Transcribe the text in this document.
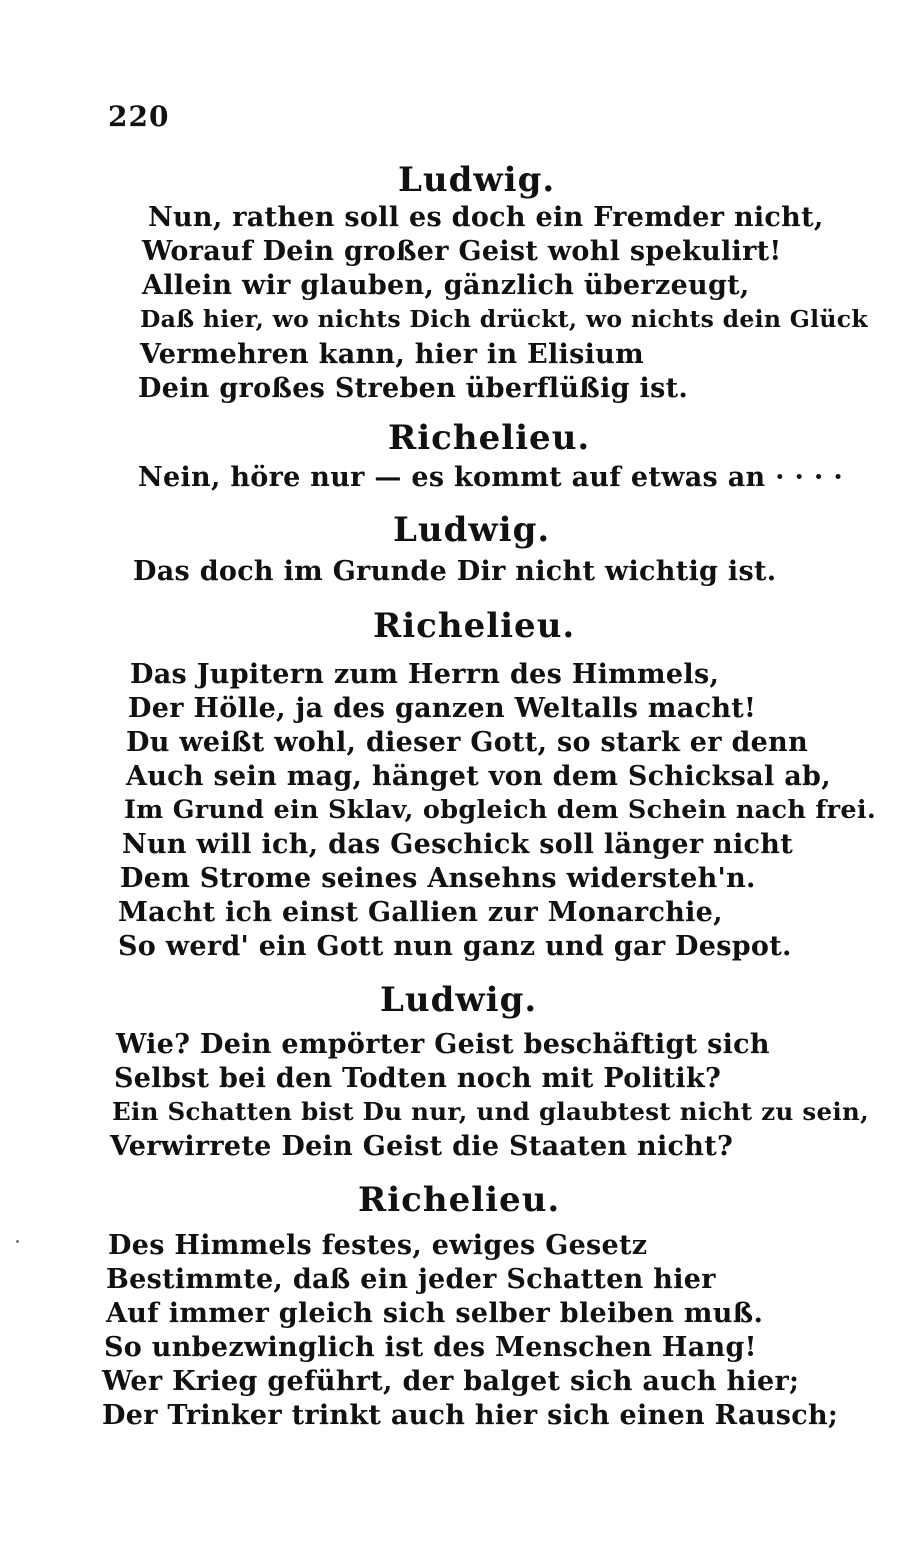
220
Ludwig.
Nun, rathen soll es doch ein Fremder nicht,
Worauf Dein großer Geist wohl spekulirt!
Allein wir glauben, gänzlich überzeugt,
Daß hier, wo nichts Dich drückt, wo nichts dein Glück
Vermehren kann, hier in Elisium
Dein großes Streben überflüßig ist.
Richelieu.
Nein, höre nur — es kommt auf etwas an · · · ·
Ludwig.
Das doch im Grunde Dir nicht wichtig ist.
Richelieu.
Das Jupitern zum Herrn des Himmels,
Der Hölle, ja des ganzen Weltalls macht!
Du weißt wohl, dieser Gott, so stark er denn
Auch sein mag, hänget von dem Schicksal ab,
Im Grund ein Sklav, obgleich dem Schein nach frei.
Nun will ich, das Geschick soll länger nicht
Dem Strome seines Ansehns widersteh'n.
Macht ich einst Gallien zur Monarchie,
So werd' ein Gott nun ganz und gar Despot.
Ludwig.
Wie? Dein empörter Geist beschäftigt sich
Selbst bei den Todten noch mit Politik?
Ein Schatten bist Du nur, und glaubtest nicht zu sein,
Verwirrete Dein Geist die Staaten nicht?
Richelieu.
Des Himmels festes, ewiges Gesetz
Bestimmte, daß ein jeder Schatten hier
Auf immer gleich sich selber bleiben muß.
So unbezwinglich ist des Menschen Hang!
Wer Krieg geführt, der balget sich auch hier;
Der Trinker trinkt auch hier sich einen Rausch;
